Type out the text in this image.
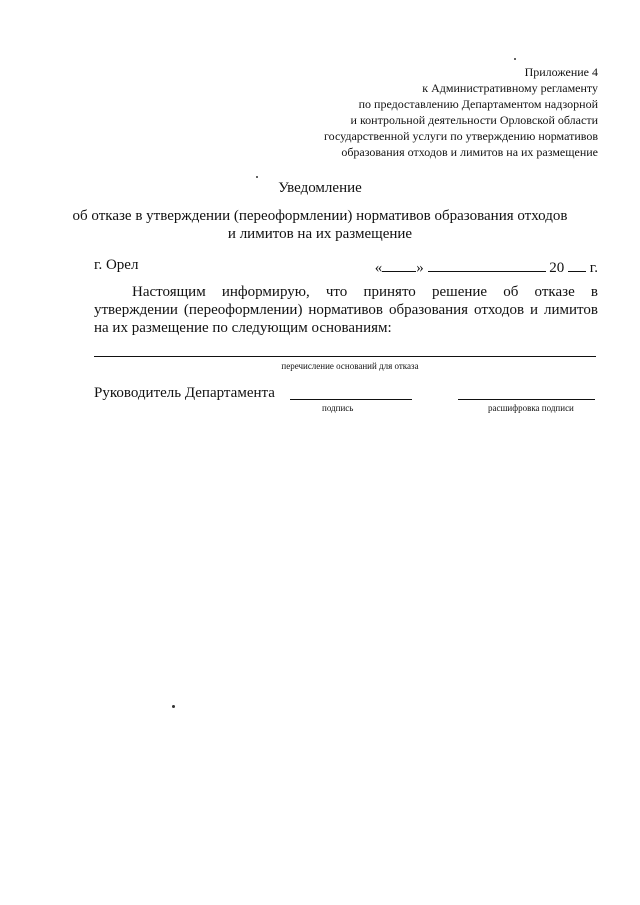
Приложение 4
к Административному регламенту
по предоставлению Департаментом надзорной
и контрольной деятельности Орловской области
государственной услуги по утверждению нормативов
образования отходов и лимитов на их размещение
Уведомление
об отказе в утверждении (переоформлении) нормативов образования отходов
и лимитов на их размещение
г. Орел	« »	20 г.
Настоящим информирую, что принято решение об отказе в утверждении (переоформлении) нормативов образования отходов и лимитов на их размещение по следующим основаниям:
перечисление оснований для отказа
Руководитель Департамента
подпись	расшифровка подписи
